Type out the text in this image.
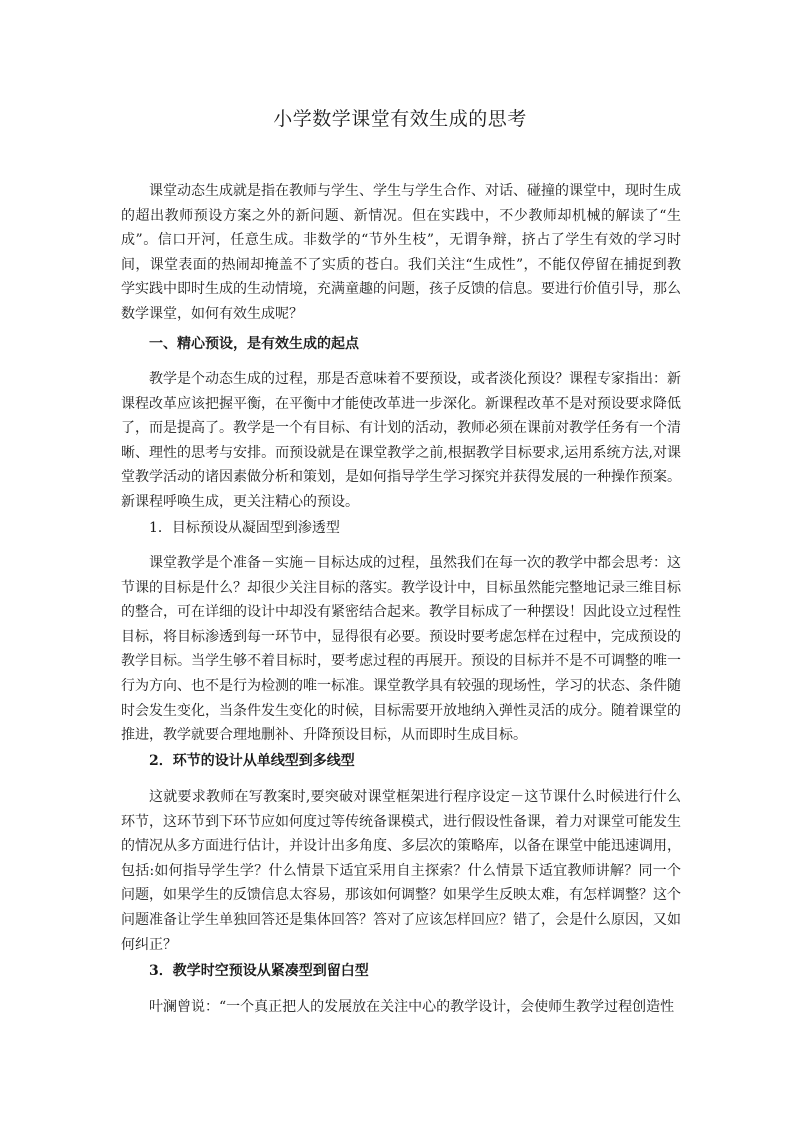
小学数学课堂有效生成的思考

课堂动态生成就是指在教师与学生、学生与学生合作、对话、碰撞的课堂中，现时生成的超出教师预设方案之外的新问题、新情况。但在实践中，不少教师却机械的解读了“生成”。信口开河，任意生成。非数学的“节外生枝”，无谓争辩，挤占了学生有效的学习时间，课堂表面的热闹却掩盖不了实质的苍白。我们关注“生成性”，不能仅停留在捕捉到教学实践中即时生成的生动情境，充满童趣的问题，孩子反馈的信息。要进行价值引导，那么数学课堂，如何有效生成呢？

一、精心预设，是有效生成的起点

教学是个动态生成的过程，那是否意味着不要预设，或者淡化预设？课程专家指出：新课程改革应该把握平衡，在平衡中才能使改革进一步深化。新课程改革不是对预设要求降低了，而是提高了。教学是一个有目标、有计划的活动，教师必须在课前对教学任务有一个清晰、理性的思考与安排。而预设就是在课堂教学之前,根据教学目标要求,运用系统方法,对课堂教学活动的诸因素做分析和策划，是如何指导学生学习探究并获得发展的一种操作预案。新课程呼唤生成，更关注精心的预设。

1．目标预设从凝固型到渗透型

课堂教学是个准备－实施－目标达成的过程，虽然我们在每一次的教学中都会思考：这节课的目标是什么？却很少关注目标的落实。教学设计中，目标虽然能完整地记录三维目标的整合，可在详细的设计中却没有紧密结合起来。教学目标成了一种摆设！因此设立过程性目标，将目标渗透到每一环节中，显得很有必要。预设时要考虑怎样在过程中，完成预设的教学目标。当学生够不着目标时，要考虑过程的再展开。预设的目标并不是不可调整的唯一行为方向、也不是行为检测的唯一标准。课堂教学具有较强的现场性，学习的状态、条件随时会发生变化，当条件发生变化的时候，目标需要开放地纳入弹性灵活的成分。随着课堂的推进，教学就要合理地删补、升降预设目标，从而即时生成目标。

2．环节的设计从单线型到多线型

这就要求教师在写教案时,要突破对课堂框架进行程序设定－这节课什么时候进行什么环节，这环节到下环节应如何度过等传统备课模式，进行假设性备课，着力对课堂可能发生的情况从多方面进行估计，并设计出多角度、多层次的策略库，以备在课堂中能迅速调用，包括:如何指导学生学？什么情景下适宜采用自主探索？什么情景下适宜教师讲解？同一个问题，如果学生的反馈信息太容易，那该如何调整？如果学生反映太难，有怎样调整？这个问题准备让学生单独回答还是集体回答？答对了应该怎样回应？错了，会是什么原因，又如何纠正？

3．教学时空预设从紧凑型到留白型

叶澜曾说：“一个真正把人的发展放在关注中心的教学设计，会使师生教学过程创造性
